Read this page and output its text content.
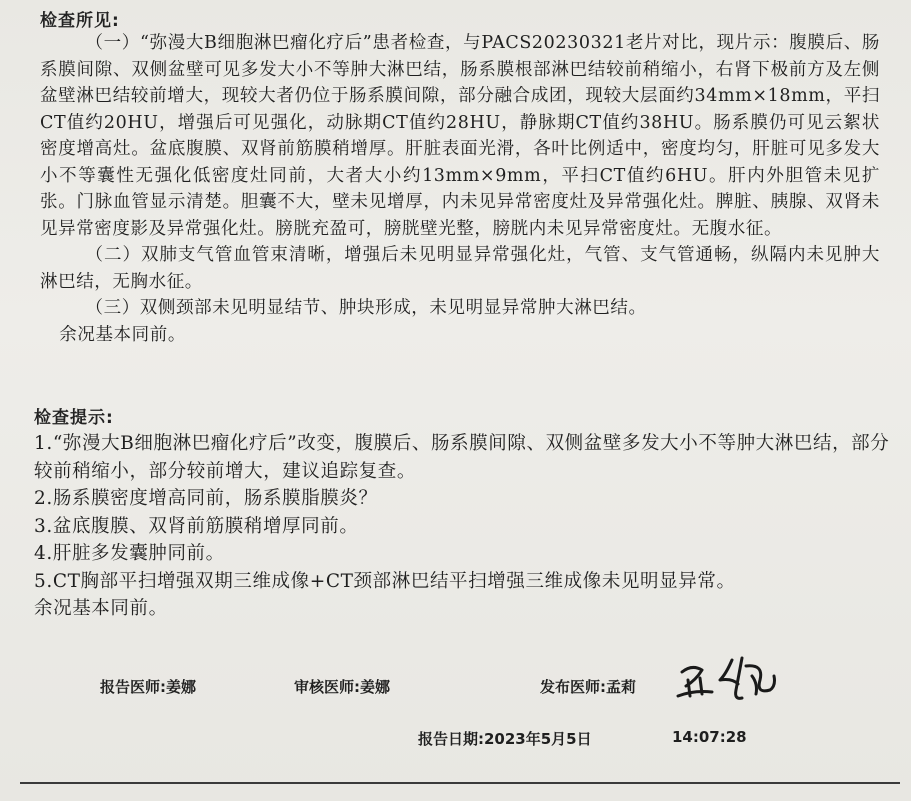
检查所见:

（一）“弥漫大B细胞淋巴瘤化疗后”患者检查，与PACS20230321老片对比，现片示：腹膜后、肠系膜间隙、双侧盆壁可见多发大小不等肿大淋巴结，肠系膜根部淋巴结较前稍缩小，右肾下极前方及左侧盆壁淋巴结较前增大，现较大者仍位于肠系膜间隙，部分融合成团，现较大层面约34mm×18mm，平扫CT值约20HU，增强后可见强化，动脉期CT值约28HU，静脉期CT值约38HU。肠系膜仍可见云絮状密度增高灶。盆底腹膜、双肾前筋膜稍增厚。肝脏表面光滑，各叶比例适中，密度均匀，肝脏可见多发大小不等囊性无强化低密度灶同前，大者大小约13mm×9mm，平扫CT值约6HU。肝内外胆管未见扩张。门脉血管显示清楚。胆囊不大，壁未见增厚，内未见异常密度灶及异常强化灶。脾脏、胰腺、双肾未见异常密度影及异常强化灶。膀胱充盈可，膀胱壁光整，膀胱内未见异常密度灶。无腹水征。

（二）双肺支气管血管束清晰，增强后未见明显异常强化灶，气管、支气管通畅，纵隔内未见肿大淋巴结，无胸水征。

（三）双侧颈部未见明显结节、肿块形成，未见明显异常肿大淋巴结。

余况基本同前。

检查提示:

1.“弥漫大B细胞淋巴瘤化疗后”改变，腹膜后、肠系膜间隙、双侧盆壁多发大小不等肿大淋巴结，部分较前稍缩小，部分较前增大，建议追踪复查。

2.肠系膜密度增高同前，肠系膜脂膜炎？

3.盆底腹膜、双肾前筋膜稍增厚同前。

4.肝脏多发囊肿同前。

5.CT胸部平扫增强双期三维成像+CT颈部淋巴结平扫增强三维成像未见明显异常。

余况基本同前。

报告医师:姜娜	审核医师:姜娜	发布医师:孟莉
报告日期:2023年5月5日	14:07:28
